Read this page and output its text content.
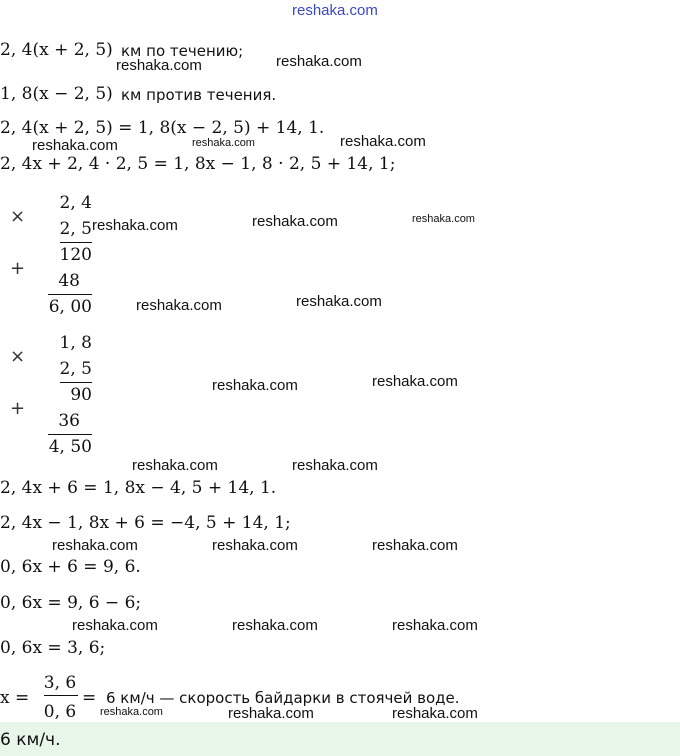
reshaka.com
2, 4(x + 2, 5) км по течению;
reshaka.com	reshaka.com
1, 8(x − 2, 5) км против течения.
2, 4(x + 2, 5) = 1, 8(x − 2, 5) + 14, 1.
reshaka.com	reshaka.com	reshaka.com
2, 4x + 2, 4 · 2, 5 = 1, 8x − 1, 8 · 2, 5 + 14, 1;
×
2, 4
2, 5
120
+
48
6, 00
reshaka.com	reshaka.com	reshaka.com
reshaka.com	reshaka.com
×
1, 8
2, 5
90
+
36
4, 50
reshaka.com	reshaka.com
reshaka.com	reshaka.com
2, 4x + 6 = 1, 8x − 4, 5 + 14, 1.
2, 4x − 1, 8x + 6 = −4, 5 + 14, 1;
reshaka.com	reshaka.com	reshaka.com
0, 6x + 6 = 9, 6.
0, 6x = 9, 6 − 6;
reshaka.com	reshaka.com	reshaka.com
0, 6x = 3, 6;
x =
3, 6
0, 6
= 6 км/ч — скорость байдарки в стоячей воде.
reshaka.com	reshaka.com	reshaka.com
6 км/ч.
